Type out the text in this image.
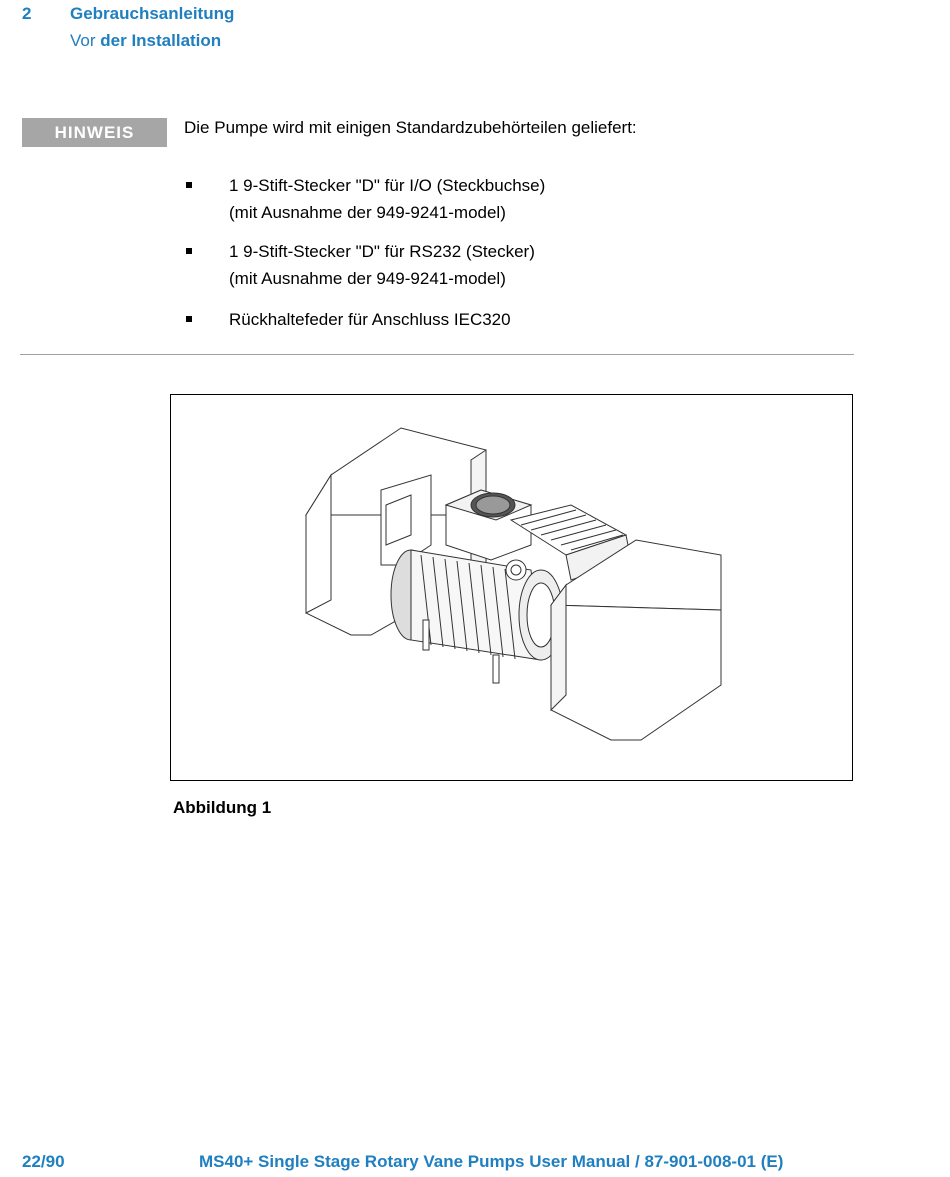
2 Gebrauchsanleitung
Vor der Installation
HINWEIS	Die Pumpe wird mit einigen Standardzubehörteilen geliefert:
1 9-Stift-Stecker "D" für I/O (Steckbuchse)
(mit Ausnahme der 949-9241-model)
1 9-Stift-Stecker "D" für RS232 (Stecker)
(mit Ausnahme der 949-9241-model)
Rückhaltefeder für Anschluss IEC320
Abbildung 1
22/90	MS40+ Single Stage Rotary Vane Pumps User Manual / 87-901-008-01 (E)
